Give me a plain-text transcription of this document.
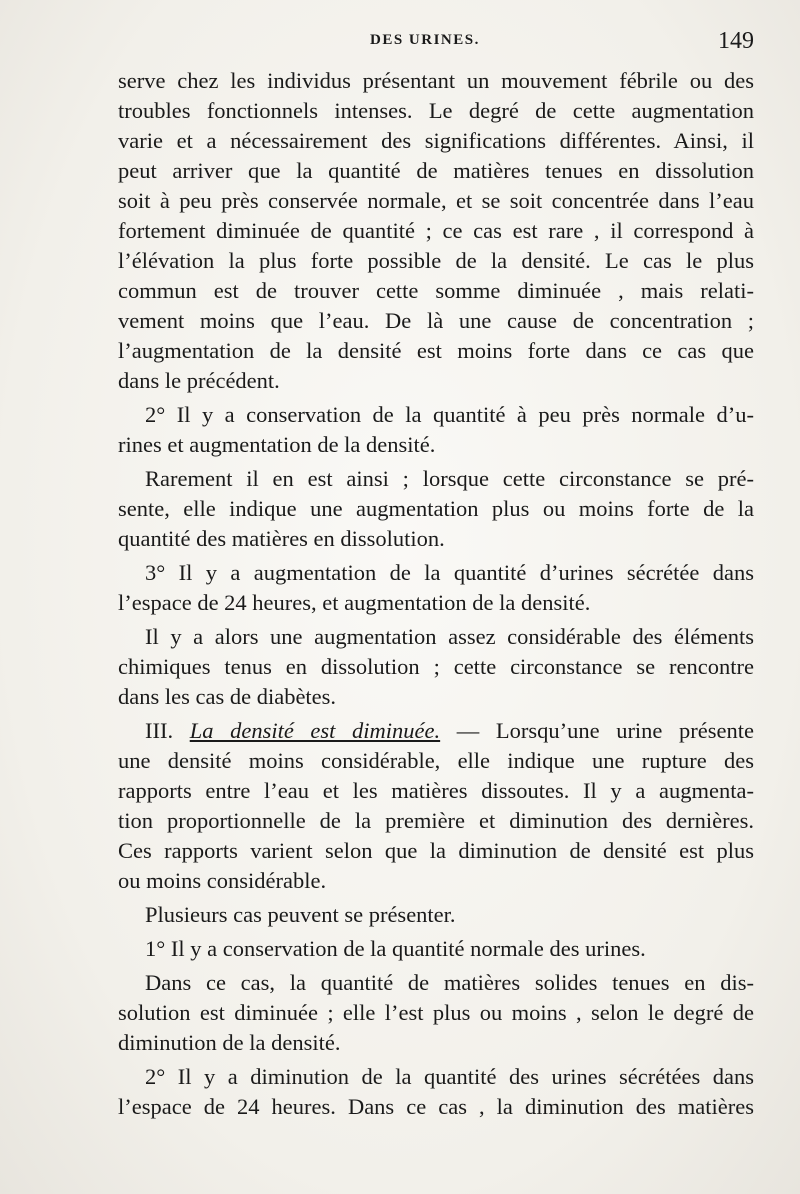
DES URINES.	149
serve chez les individus présentant un mouvement fébrile ou des
troubles fonctionnels intenses. Le degré de cette augmentation
varie et a nécessairement des significations différentes. Ainsi, il
peut arriver que la quantité de matières tenues en dissolution
soit à peu près conservée normale, et se soit concentrée dans l’eau
fortement diminuée de quantité ; ce cas est rare , il correspond à
l’élévation la plus forte possible de la densité. Le cas le plus
commun est de trouver cette somme diminuée , mais relati-
vement moins que l’eau. De là une cause de concentration ;
l’augmentation de la densité est moins forte dans ce cas que
dans le précédent.
2° Il y a conservation de la quantité à peu près normale d’u-
rines et augmentation de la densité.
Rarement il en est ainsi ; lorsque cette circonstance se pré-
sente, elle indique une augmentation plus ou moins forte de la
quantité des matières en dissolution.
3° Il y a augmentation de la quantité d’urines sécrétée dans
l’espace de 24 heures, et augmentation de la densité.
Il y a alors une augmentation assez considérable des éléments
chimiques tenus en dissolution ; cette circonstance se rencontre
dans les cas de diabètes.
III. La densité est diminuée. — Lorsqu’une urine présente
une densité moins considérable, elle indique une rupture des
rapports entre l’eau et les matières dissoutes. Il y a augmenta-
tion proportionnelle de la première et diminution des dernières.
Ces rapports varient selon que la diminution de densité est plus
ou moins considérable.
Plusieurs cas peuvent se présenter.
1° Il y a conservation de la quantité normale des urines.
Dans ce cas, la quantité de matières solides tenues en dis-
solution est diminuée ; elle l’est plus ou moins , selon le degré de
diminution de la densité.
2° Il y a diminution de la quantité des urines sécrétées dans
l’espace de 24 heures. Dans ce cas , la diminution des matières
